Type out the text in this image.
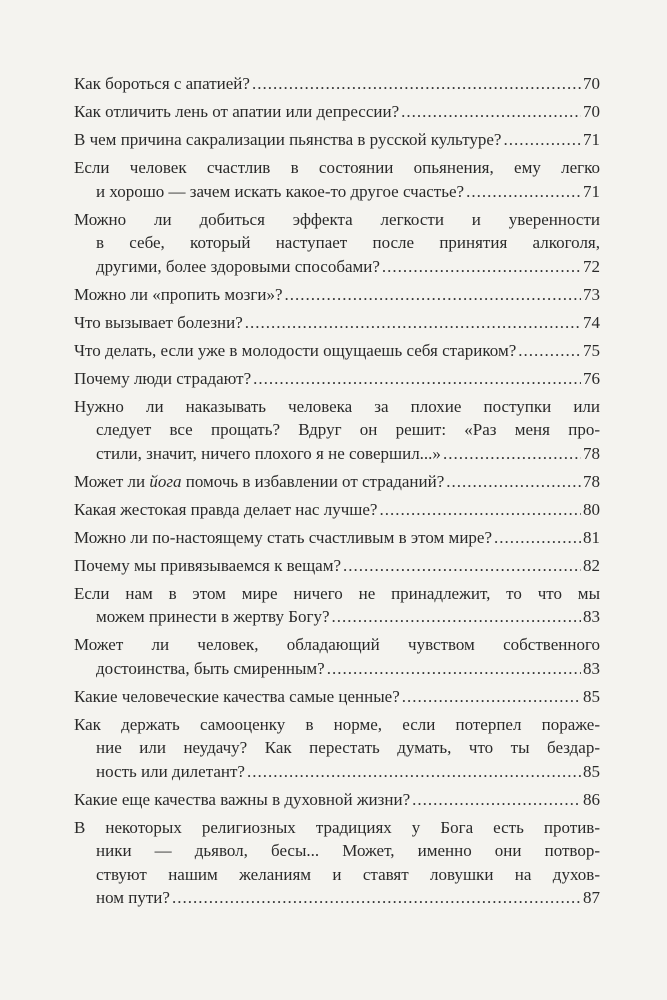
Как бороться с апатией? .....	70
Как отличить лень от апатии или депрессии? .....	70
В чем причина сакрализации пьянства в русской культуре? .....	71
Если человек счастлив в состоянии опьянения, ему легко
и хорошо — зачем искать какое-то другое счастье? .....	71
Можно ли добиться эффекта легкости и уверенности
в себе, который наступает после принятия алкоголя,
другими, более здоровыми способами? .....	72
Можно ли «пропить мозги»? .....	73
Что вызывает болезни? .....	74
Что делать, если уже в молодости ощущаешь себя стариком? .....	75
Почему люди страдают? .....	76
Нужно ли наказывать человека за плохие поступки или
следует все прощать? Вдруг он решит: «Раз меня про-
стили, значит, ничего плохого я не совершил...» .....	78
Может ли йога помочь в избавлении от страданий? .....	78
Какая жестокая правда делает нас лучше? .....	80
Можно ли по-настоящему стать счастливым в этом мире? .....	81
Почему мы привязываемся к вещам? .....	82
Если нам в этом мире ничего не принадлежит, то что мы
можем принести в жертву Богу? .....	83
Может ли человек, обладающий чувством собственного
достоинства, быть смиренным? .....	83
Какие человеческие качества самые ценные? .....	85
Как держать самооценку в норме, если потерпел пораже-
ние или неудачу? Как перестать думать, что ты бездар-
ность или дилетант? .....	85
Какие еще качества важны в духовной жизни? .....	86
В некоторых религиозных традициях у Бога есть против-
ники — дьявол, бесы... Может, именно они потвор-
ствуют нашим желаниям и ставят ловушки на духов-
ном пути? .....	87
